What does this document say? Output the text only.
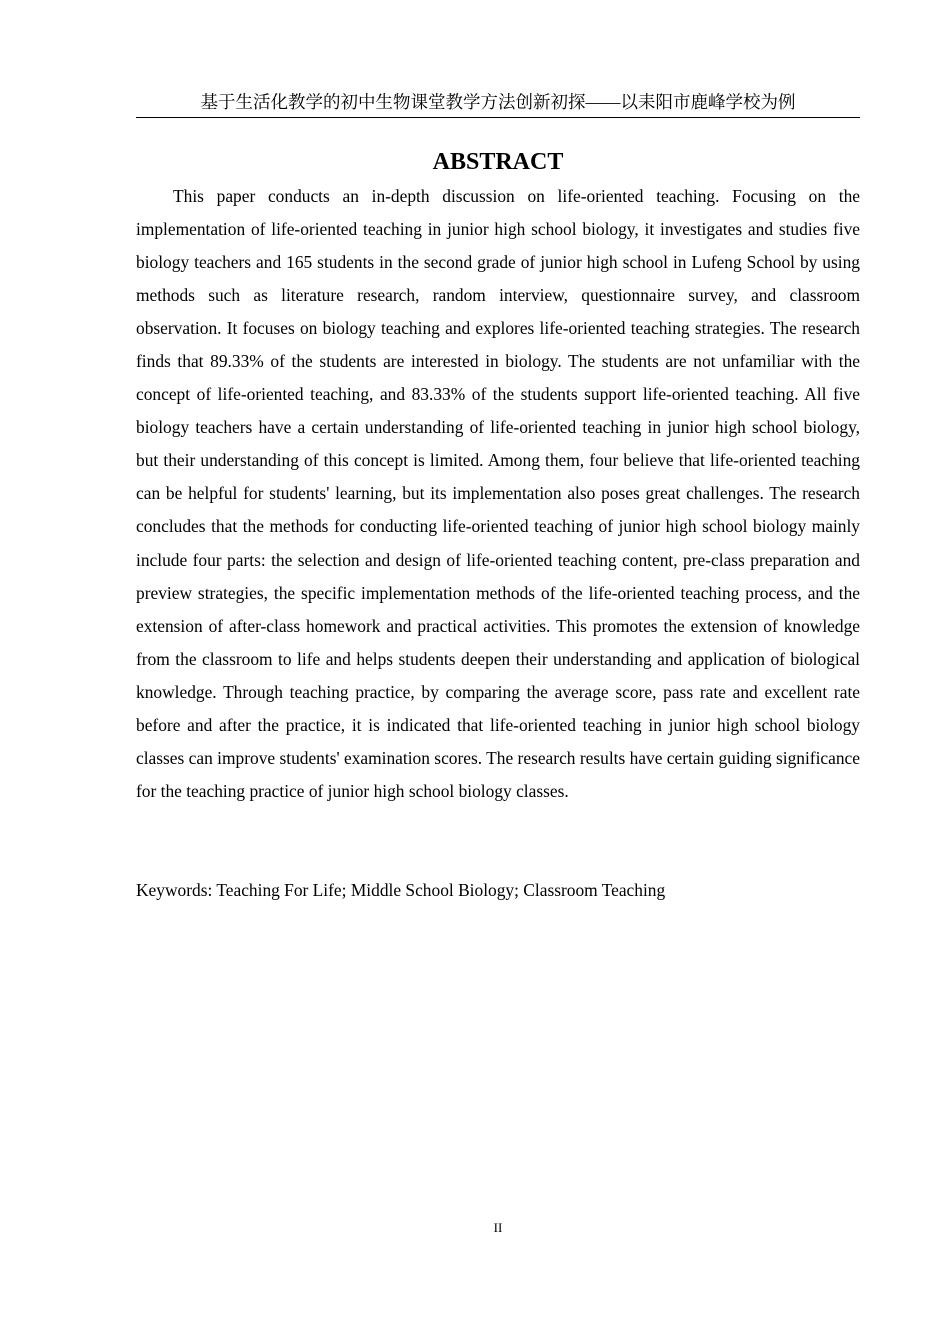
基于生活化教学的初中生物课堂教学方法创新初探——以耒阳市鹿峰学校为例
ABSTRACT

This paper conducts an in-depth discussion on life-oriented teaching. Focusing on the implementation of life-oriented teaching in junior high school biology, it investigates and studies five biology teachers and 165 students in the second grade of junior high school in Lufeng School by using methods such as literature research, random interview, questionnaire survey, and classroom observation. It focuses on biology teaching and explores life-oriented teaching strategies. The research finds that 89.33% of the students are interested in biology. The students are not unfamiliar with the concept of life-oriented teaching, and 83.33% of the students support life-oriented teaching. All five biology teachers have a certain understanding of life-oriented teaching in junior high school biology, but their understanding of this concept is limited. Among them, four believe that life-oriented teaching can be helpful for students' learning, but its implementation also poses great challenges. The research concludes that the methods for conducting life-oriented teaching of junior high school biology mainly include four parts: the selection and design of life-oriented teaching content, pre-class preparation and preview strategies, the specific implementation methods of the life-oriented teaching process, and the extension of after-class homework and practical activities. This promotes the extension of knowledge from the classroom to life and helps students deepen their understanding and application of biological knowledge. Through teaching practice, by comparing the average score, pass rate and excellent rate before and after the practice, it is indicated that life-oriented teaching in junior high school biology classes can improve students' examination scores. The research results have certain guiding significance for the teaching practice of junior high school biology classes.

Keywords: Teaching For Life; Middle School Biology; Classroom Teaching
II
